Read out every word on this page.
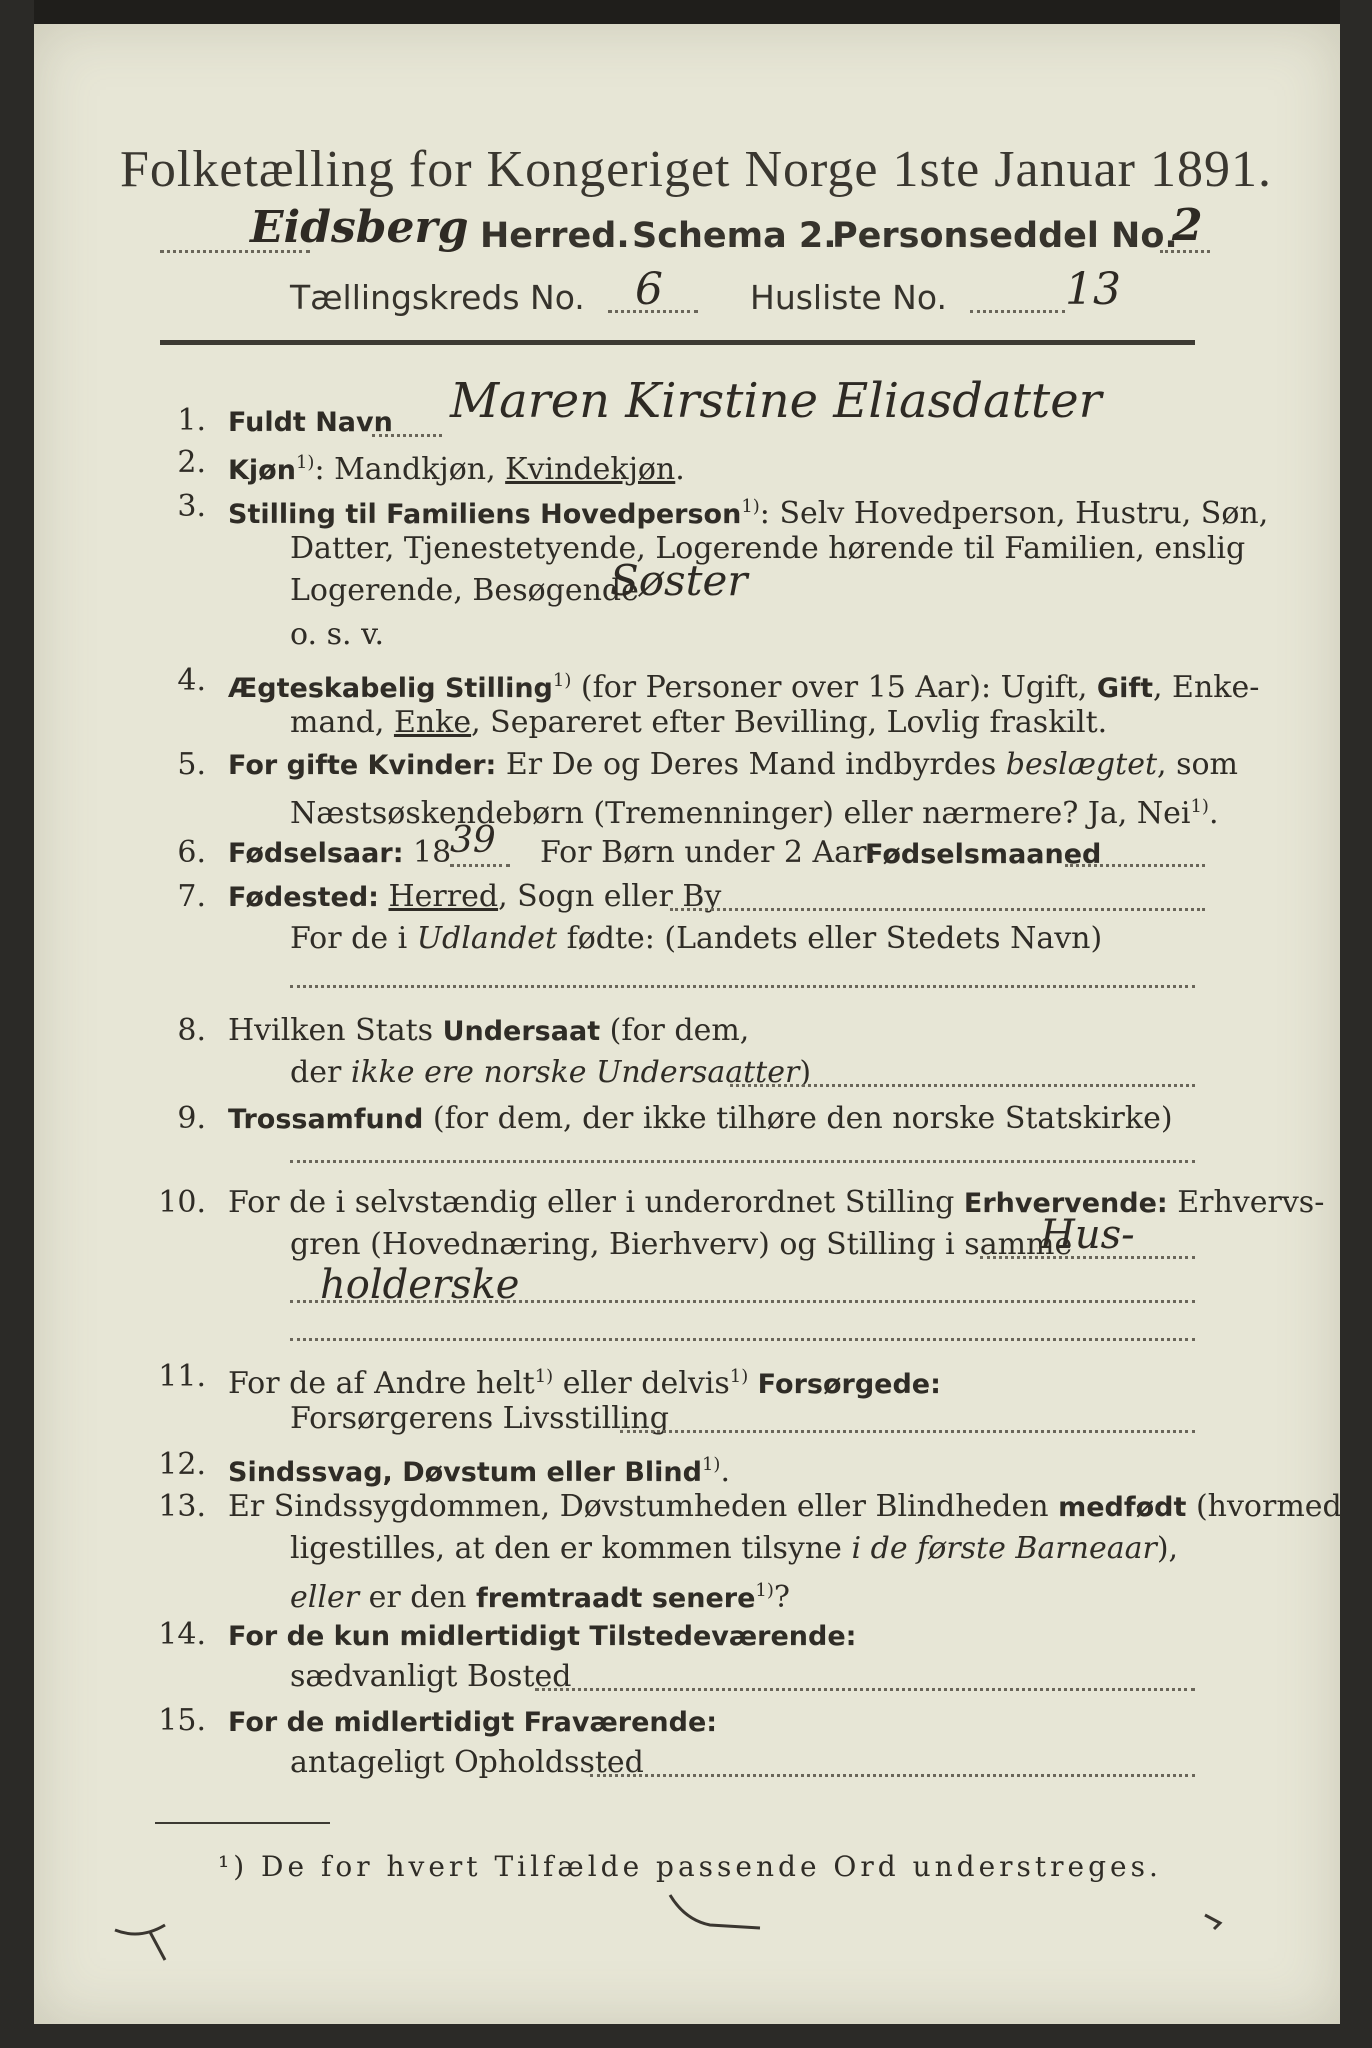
Folketælling for Kongeriget Norge 1ste Januar 1891.
Eidsberg Herred. Schema 2.
Personseddel No.
2
Tællingskreds No. 6	Husliste No.	13
1. Fuldt Navn Maren Kirstine Eliasdatter
2. Kjøn$^{1)}$: Mandkjøn, Kvindekjøn.
3. Stilling til Familiens Hovedperson$^{1)}$: Selv Hovedperson, Hustru, Søn,
Datter, Tjenestetyende, Logerende hørende til Familien, enslig
Logerende, Besøgende
Søster
o. s. v.
4. Ægteskabelig Stilling$^{1)}$ (for Personer over 15 Aar): Ugift, Gift, Enke-
mand, Enke, Separeret efter Bevilling, Lovlig fraskilt.
5. For gifte Kvinder: Er De og Deres Mand indbyrdes beslægtet, som
Næstsøskendebørn (Tremenninger) eller nærmere? Ja, Nei$^{1)}$.
6. Fødselsaar: 18
39 For Børn under 2 Aar:
Fødselsmaaned
7. Fødested: Herred, Sogn eller By
For de i Udlandet fødte: (Landets eller Stedets Navn)
8. Hvilken Stats Undersaat (for dem,
der ikke ere norske Undersaatter)
9. Trossamfund (for dem, der ikke tilhøre den norske Statskirke)
10. For de i selvstændig eller i underordnet Stilling Erhvervende: Erhvervs-
gren (Hovednæring, Bierhverv) og Stilling i samme
Hus-
holderske
11. For de af Andre helt$^{1)}$ eller delvis$^{1)}$ Forsørgede:
Forsørgerens Livsstilling
12. Sindssvag, Døvstum eller Blind$^{1)}$.
13. Er Sindssygdommen, Døvstumheden eller Blindheden medfødt (hvormed
ligestilles, at den er kommen tilsyne i de første Barneaar),
eller er den fremtraadt senere$^{1)}$?
14. For de kun midlertidigt Tilstedeværende:
sædvanligt Bosted
15. For de midlertidigt Fraværende:
antageligt Opholdssted
¹) De for hvert Tilfælde passende Ord understreges.
